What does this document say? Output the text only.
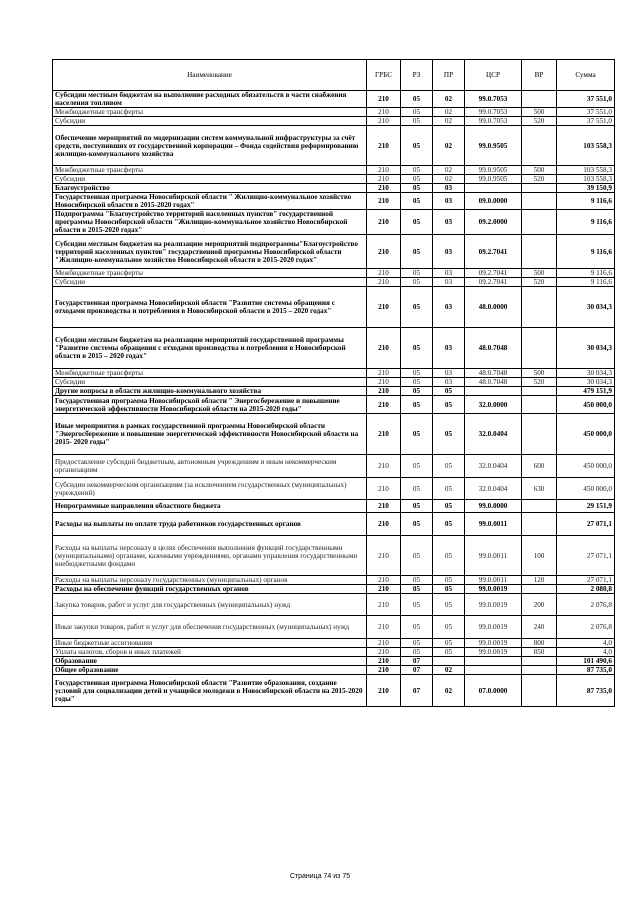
Наименование	ГРБС	РЗ	ПР	ЦСР	ВР	Сумма
Субсидии местным бюджетам на выполнение расходных обязательств в части снабжения населения топливом	210	05	02	99.0.7053		37 551,0
Межбюджетные трансферты	210	05	02	99.0.7053	500	37 551,0
Субсидии	210	05	02	99.0.7053	520	37 551,0
Обеспечение мероприятий по модернизации систем коммунальной инфраструктуры за счёт средств, поступивших от государственной корпорации – Фонда содействия реформированию жилищно-коммунального хозяйства	210	05	02	99.0.9505		103 558,3
Межбюджетные трансферты	210	05	02	99.0.9505	500	103 558,3
Субсидии	210	05	02	99.0.9505	520	103 558,3
Благоустройство	210	05	03			39 150,9
Государственная программа Новосибирской области " Жилищно-коммунальное хозяйство Новосибирской области в 2015-2020 годах"	210	05	03	09.0.0000		9 116,6
Подпрограмма "Благоустройство территорий населенных пунктов" государственной программы Новосибирской области "Жилищно-коммунальное хозяйство Новосибирской области в 2015-2020 годах"	210	05	03	09.2.0000		9 116,6
Субсидии местным бюджетам на реализацию мероприятий подпрограммы"Благоустройство территорий населенных пунктов" государственной программы Новосибирской области "Жилищно-коммунальное хозяйство Новосибирской области в 2015-2020 годах"	210	05	03	09.2.7041		9 116,6
Межбюджетные трансферты	210	05	03	09.2.7041	500	9 116,6
Субсидии	210	05	03	09.2.7041	520	9 116,6
Государственная программа Новосибирской области "Развитие системы обращения с отходами производства и потребления в Новосибирской области в 2015 – 2020 годах"	210	05	03	48.0.0000		30 034,3
Субсидии местным бюджетам на реализацию мероприятий государственной программы "Развитие системы обращения с отходами производства и потребления в Новосибирской области в 2015 – 2020 годах"	210	05	03	48.0.7048		30 034,3
Межбюджетные трансферты	210	05	03	48.0.7048	500	30 034,3
Субсидии	210	05	03	48.0.7048	520	30 034,3
Другие вопросы в области жилищно-коммунального хозяйства	210	05	05			479 151,9
Государственная программа Новосибирской области " Энергосбережение и повышение энергетической эффективности Новосибирской области на 2015-2020 годы"	210	05	05	32.0.0000		450 000,0
Иные мероприятия в рамках государственной программы Новосибирской области "Энергосбережение и повышение энергетической эффективности Новосибирской области на 2015- 2020 годы"	210	05	05	32.0.0404		450 000,0
Предоставление субсидий бюджетным, автономным учреждениям и иным некоммерческим организациям	210	05	05	32.0.0404	600	450 000,0
Субсидии некоммерческим организациям (за исключением государственных (муниципальных) учреждений)	210	05	05	32.0.0404	630	450 000,0
Непрограммные направления областного бюджета	210	05	05	99.0.0000		29 151,9
Расходы на выплаты по оплате труда работников государственных органов	210	05	05	99.0.0011		27 071,1
Расходы на выплаты персоналу в целях обеспечения выполнения функций государственными (муниципальными) органами, казенными учреждениями, органами управления государственными внебюджетными фондами	210	05	05	99.0.0011	100	27 071,1
Расходы на выплаты персоналу государственных (муниципальных) органов	210	05	05	99.0.0011	120	27 071,1
Расходы на обеспечение функций государственных органов	210	05	05	99.0.0019		2 080,8
Закупка товаров, работ и услуг для государственных (муниципальных) нужд	210	05	05	99.0.0019	200	2 076,8
Иные закупки товаров, работ и услуг для обеспечения государственных (муниципальных) нужд	210	05	05	99.0.0019	240	2 076,8
Иные бюджетные ассигнования	210	05	05	99.0.0019	800	4,0
Уплата налогов, сборов и иных платежей	210	05	05	99.0.0019	850	4,0
Образование	210	07				101 490,6
Общее образование	210	07	02			87 735,0
Государственная программа Новосибирской области "Развитие образования, создание условий для социализации детей и учащейся молодежи в Новосибирской области на 2015-2020 годы"	210	07	02	07.0.0000		87 735,0
Страница 74 из 75
